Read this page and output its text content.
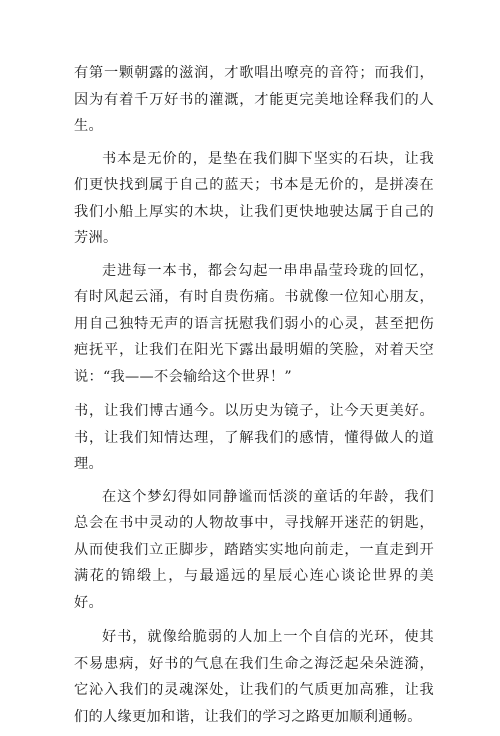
有第一颗朝露的滋润，才歌唱出嘹亮的音符；而我们，因为有着千万好书的灌溉，才能更完美地诠释我们的人生。

书本是无价的，是垫在我们脚下坚实的石块，让我们更快找到属于自己的蓝天；书本是无价的，是拼凑在我们小船上厚实的木块，让我们更快地驶达属于自己的芳洲。

走进每一本书，都会勾起一串串晶莹玲珑的回忆，有时风起云涌，有时自贵伤痛。书就像一位知心朋友，用自己独特无声的语言抚慰我们弱小的心灵，甚至把伤疤抚平，让我们在阳光下露出最明媚的笑脸，对着天空说：“我——不会输给这个世界！”

书，让我们博古通今。以历史为镜子，让今天更美好。书，让我们知情达理，了解我们的感情，懂得做人的道理。

在这个梦幻得如同静谧而恬淡的童话的年龄，我们总会在书中灵动的人物故事中，寻找解开迷茫的钥匙，从而使我们立正脚步，踏踏实实地向前走，一直走到开满花的锦缎上，与最遥远的星辰心连心谈论世界的美好。

好书，就像给脆弱的人加上一个自信的光环，使其不易患病，好书的气息在我们生命之海泛起朵朵涟漪，它沁入我们的灵魂深处，让我们的气质更加高雅，让我们的人缘更加和谐，让我们的学习之路更加顺利通畅。
